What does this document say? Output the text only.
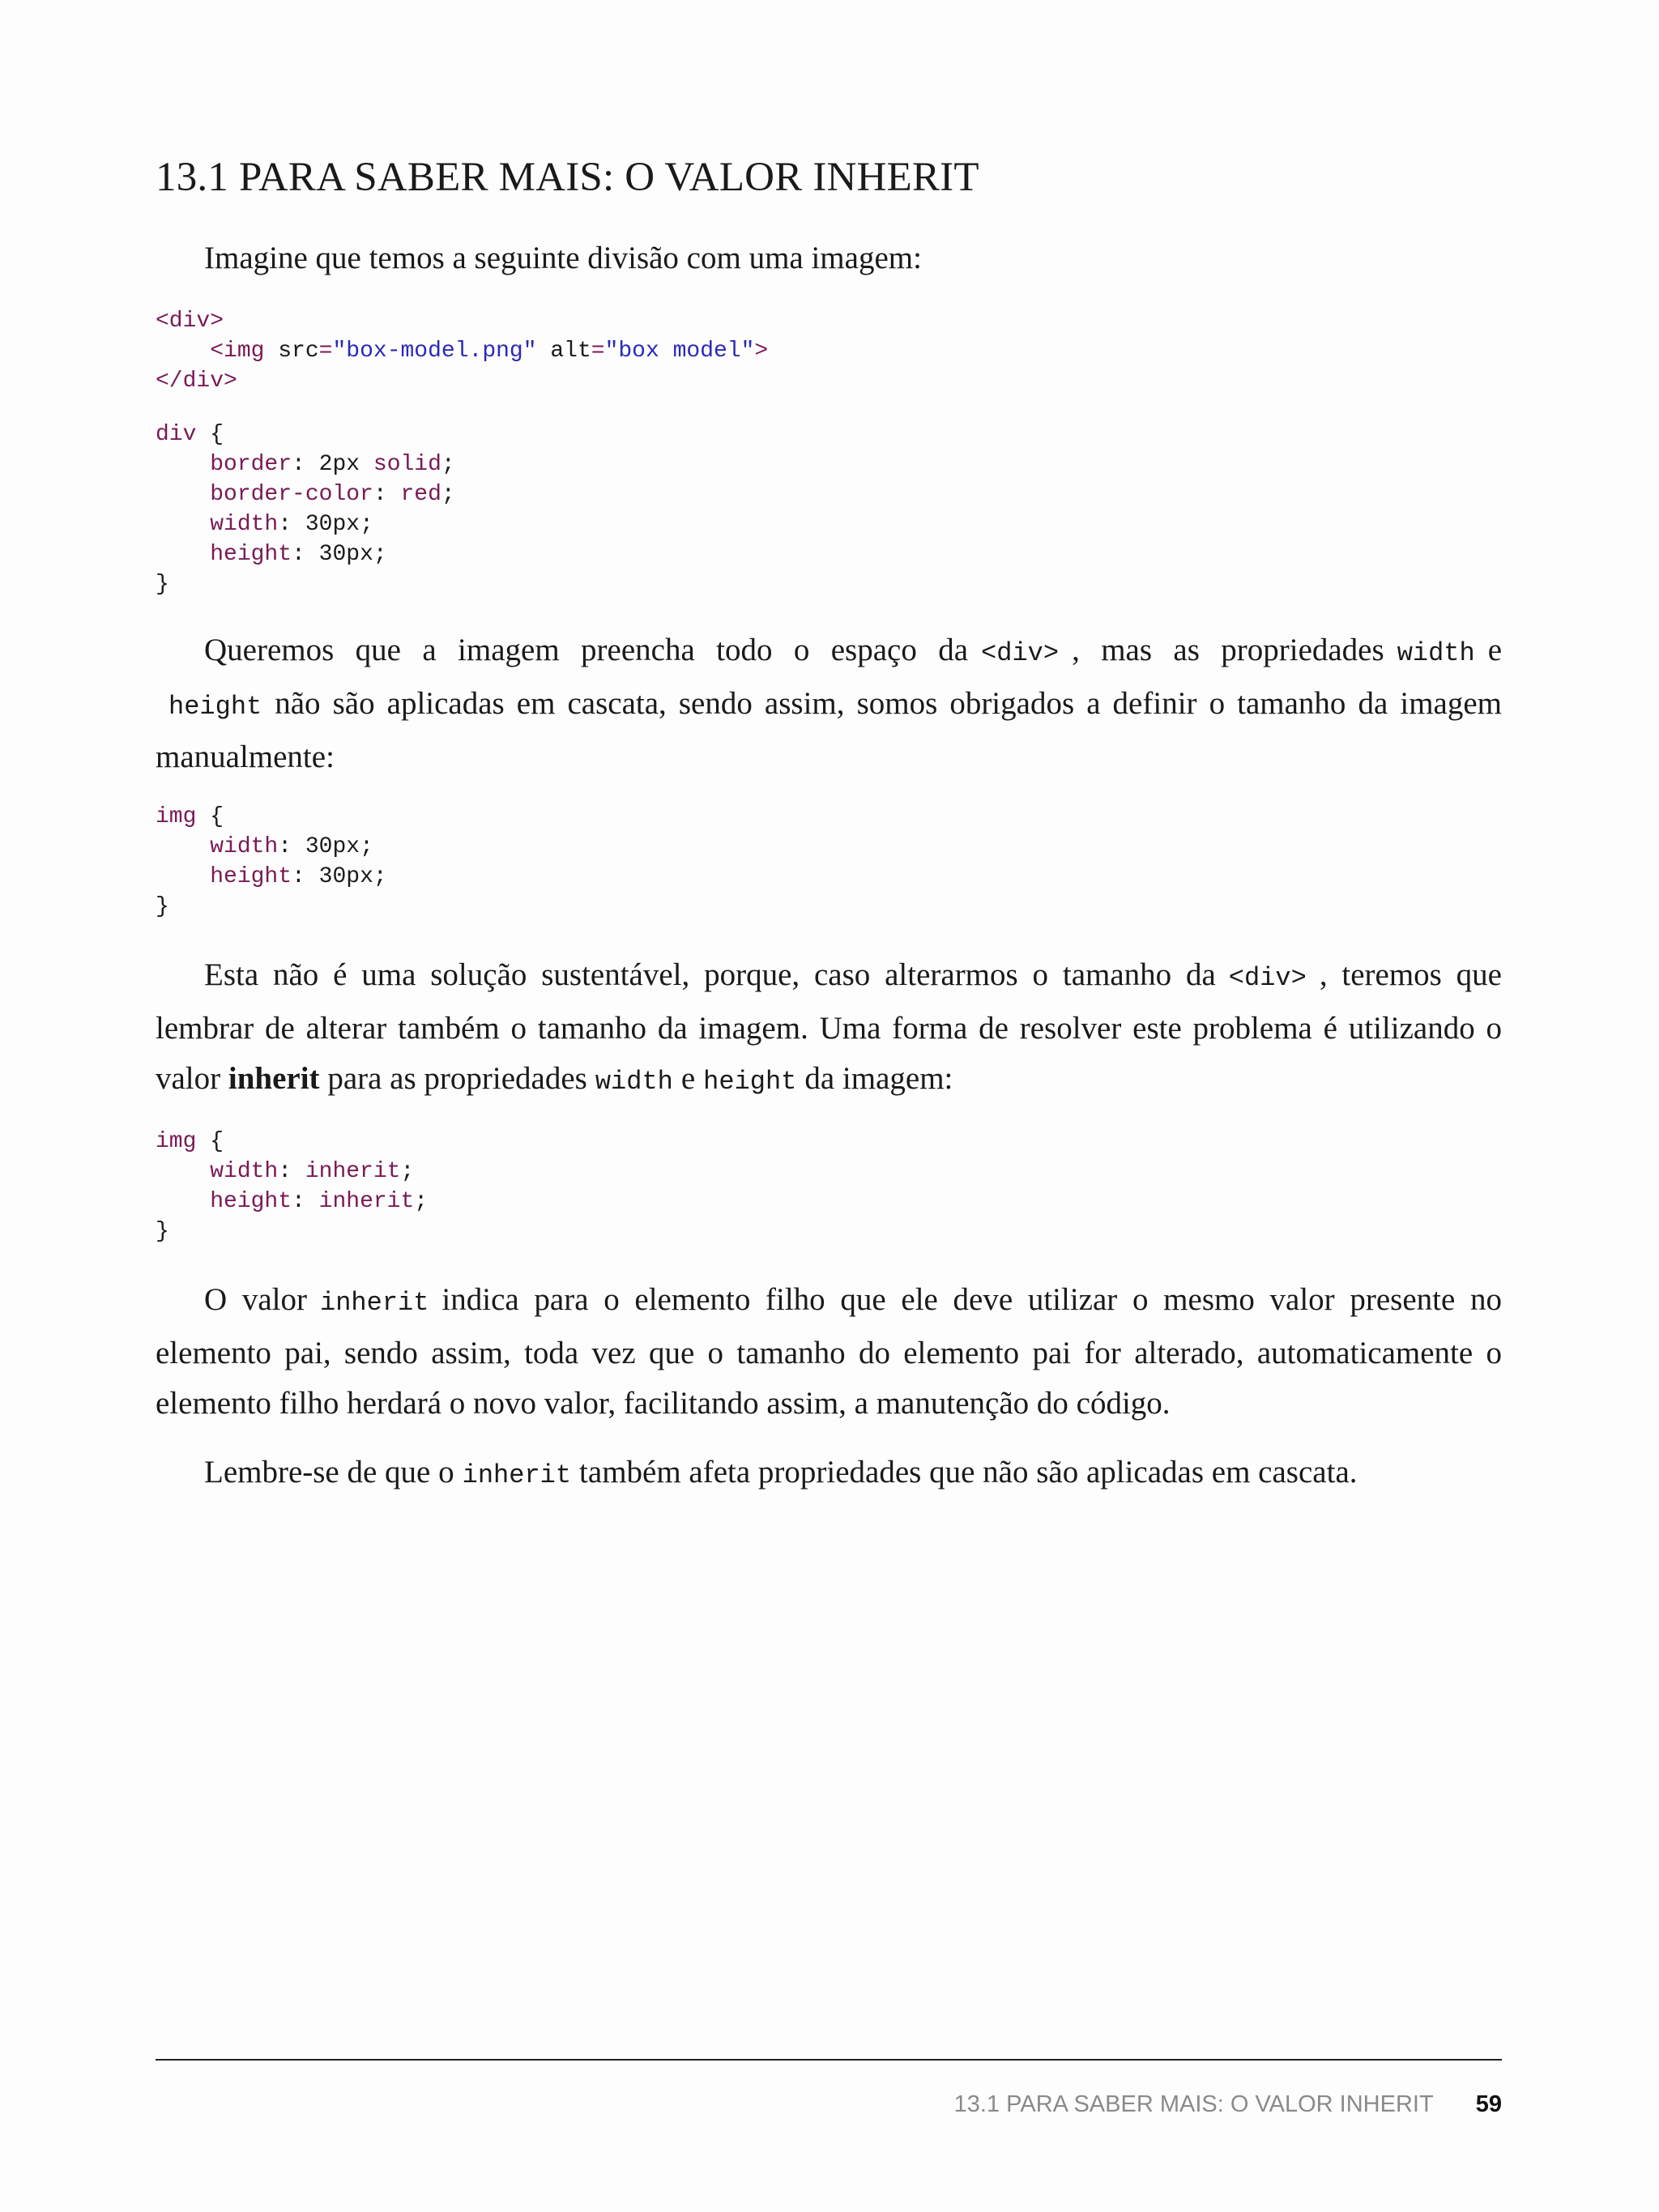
13.1 PARA SABER MAIS: O VALOR INHERIT

Imagine que temos a seguinte divisão com uma imagem:

<div>
<img src="box-model.png" alt="box model">
</div>
div {
border: 2px solid;
border-color: red;
width: 30px;
height: 30px;
}

Queremos que a imagem preencha todo o espaço da <div> , mas as propriedades width e height não são aplicadas em cascata, sendo assim, somos obrigados a definir o tamanho da imagem manualmente:

img {
width: 30px;
height: 30px;
}

Esta não é uma solução sustentável, porque, caso alterarmos o tamanho da <div> , teremos que lembrar de alterar também o tamanho da imagem. Uma forma de resolver este problema é utilizando o valor inherit para as propriedades width e height da imagem:

img {
width: inherit;
height: inherit;
}

O valor inherit indica para o elemento filho que ele deve utilizar o mesmo valor presente no elemento pai, sendo assim, toda vez que o tamanho do elemento pai for alterado, automaticamente o elemento filho herdará o novo valor, facilitando assim, a manutenção do código.

Lembre-se de que o inherit também afeta propriedades que não são aplicadas em cascata.

13.1 PARA SABER MAIS: O VALOR INHERIT 59
